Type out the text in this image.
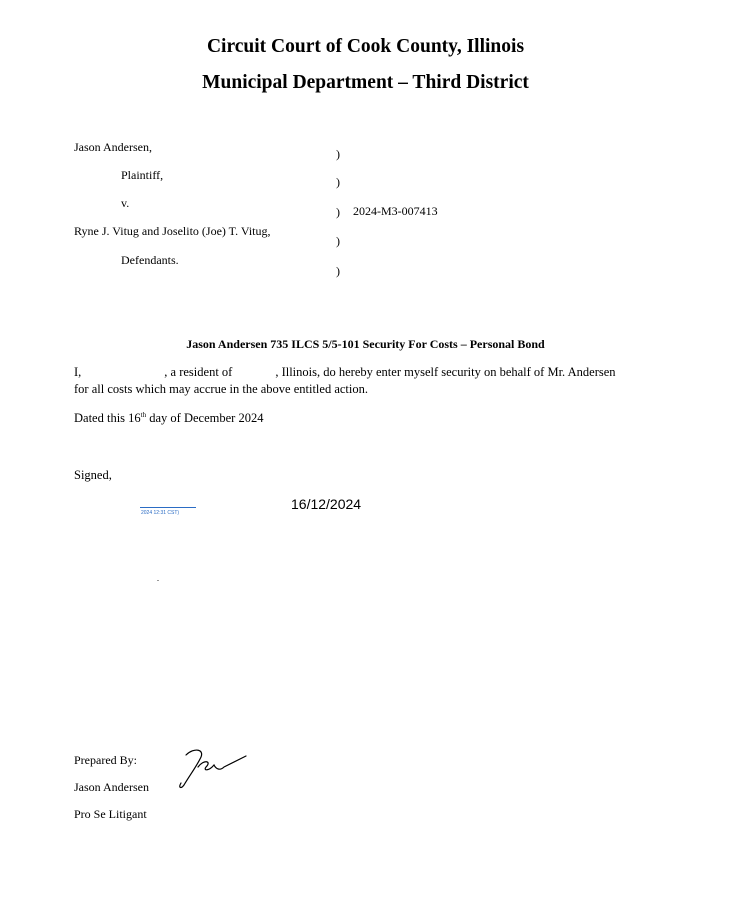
Circuit Court of Cook County, Illinois
Municipal Department – Third District
Jason Andersen,
Plaintiff,
v.
Ryne J. Vitug and Joselito (Joe) T. Vitug,
Defendants.
)
)
) 2024-M3-007413
)
)
Jason Andersen 735 ILCS 5/5-101 Security For Costs – Personal Bond
I,	, a resident of	, Illinois, do hereby enter myself security on behalf of Mr. Andersen
for all costs which may accrue in the above entitled action.
Dated this 16th day of December 2024
Signed,
2024 12:31 CST)
16/12/2024
Prepared By:
Jason Andersen
Pro Se Litigant
